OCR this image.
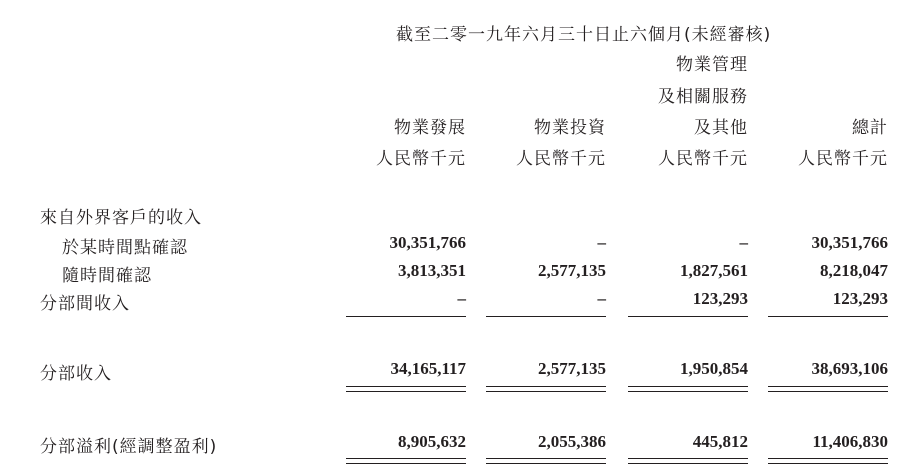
截至二零一九年六月三十日止六個月(未經審核)
物業管理
及相關服務
物業發展	物業投資	及其他	總計
人民幣千元	人民幣千元	人民幣千元	人民幣千元
來自外界客戶的收入
於某時間點確認	30,351,766	–	–	30,351,766
隨時間確認	3,813,351	2,577,135	1,827,561	8,218,047
分部間收入	–	–	123,293	123,293
分部收入	34,165,117	2,577,135	1,950,854	38,693,106
分部溢利(經調整盈利)	8,905,632	2,055,386	445,812	11,406,830
